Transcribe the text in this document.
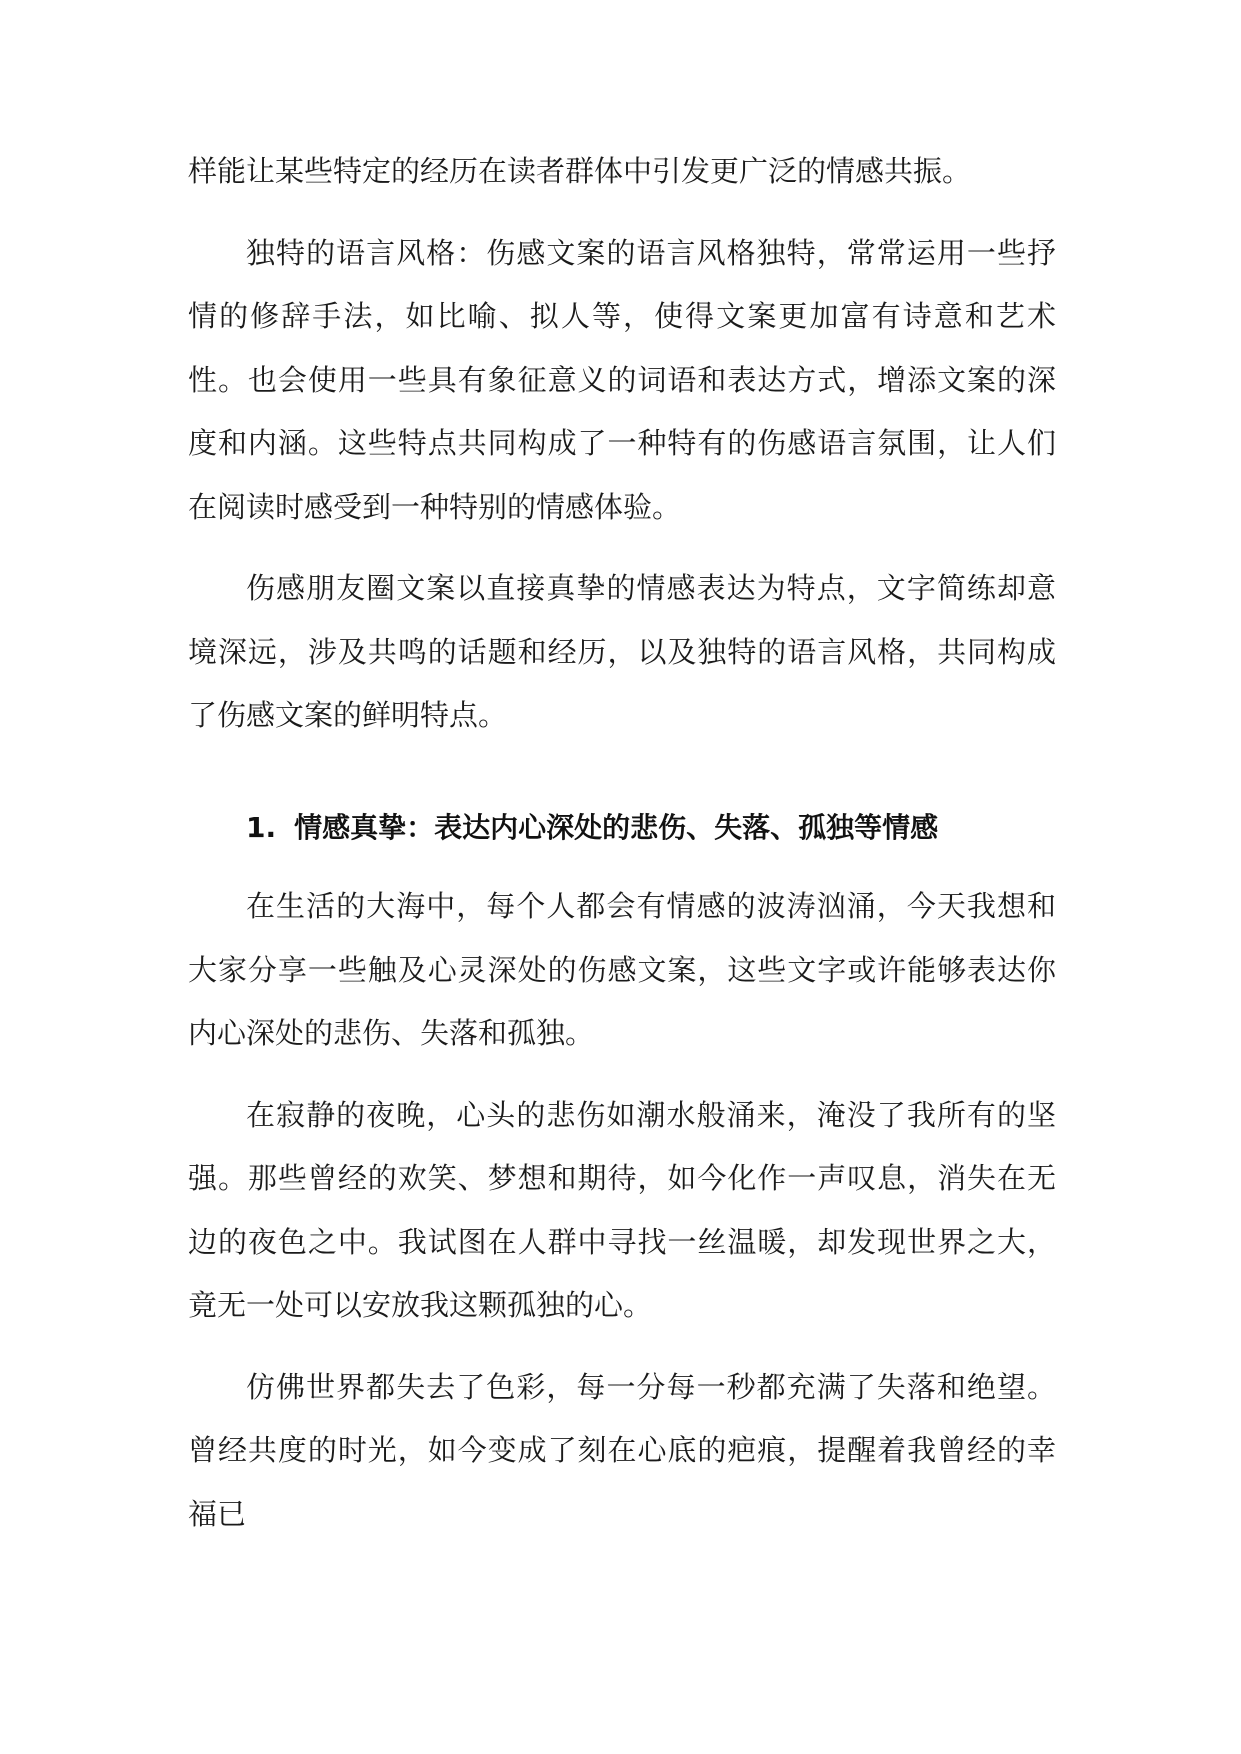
样能让某些特定的经历在读者群体中引发更广泛的情感共振。

独特的语言风格：伤感文案的语言风格独特，常常运用一些抒情的修辞手法，如比喻、拟人等，使得文案更加富有诗意和艺术性。也会使用一些具有象征意义的词语和表达方式，增添文案的深度和内涵。这些特点共同构成了一种特有的伤感语言氛围，让人们在阅读时感受到一种特别的情感体验。

伤感朋友圈文案以直接真挚的情感表达为特点，文字简练却意境深远，涉及共鸣的话题和经历，以及独特的语言风格，共同构成了伤感文案的鲜明特点。

1. 情感真挚：表达内心深处的悲伤、失落、孤独等情感

在生活的大海中，每个人都会有情感的波涛汹涌，今天我想和大家分享一些触及心灵深处的伤感文案，这些文字或许能够表达你内心深处的悲伤、失落和孤独。

在寂静的夜晚，心头的悲伤如潮水般涌来，淹没了我所有的坚强。那些曾经的欢笑、梦想和期待，如今化作一声叹息，消失在无边的夜色之中。我试图在人群中寻找一丝温暖，却发现世界之大，竟无一处可以安放我这颗孤独的心。

仿佛世界都失去了色彩，每一分每一秒都充满了失落和绝望。曾经共度的时光，如今变成了刻在心底的疤痕，提醒着我曾经的幸福已
